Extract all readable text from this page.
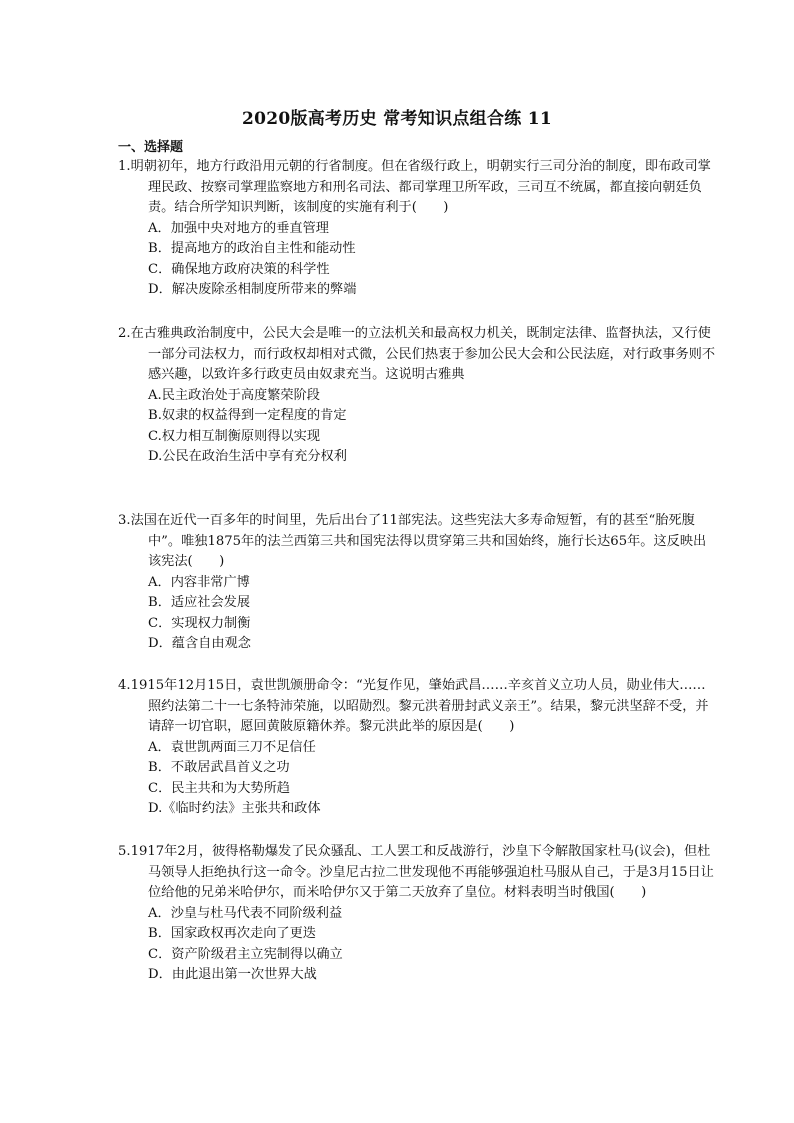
2020版高考历史 常考知识点组合练 11
一、选择题

1.明朝初年，地方行政沿用元朝的行省制度。但在省级行政上，明朝实行三司分治的制度，即布政司掌理民政、按察司掌理监察地方和刑名司法、都司掌理卫所军政，三司互不统属，都直接向朝廷负责。结合所学知识判断，该制度的实施有利于(　　)

A．加强中央对地方的垂直管理

B．提高地方的政治自主性和能动性

C．确保地方政府决策的科学性

D．解决废除丞相制度所带来的弊端

2.在古雅典政治制度中，公民大会是唯一的立法机关和最高权力机关，既制定法律、监督执法，又行使一部分司法权力，而行政权却相对式微，公民们热衷于参加公民大会和公民法庭，对行政事务则不感兴趣，以致许多行政吏员由奴隶充当。这说明古雅典

A.民主政治处于高度繁荣阶段

B.奴隶的权益得到一定程度的肯定

C.权力相互制衡原则得以实现

D.公民在政治生活中享有充分权利

3.法国在近代一百多年的时间里，先后出台了11部宪法。这些宪法大多寿命短暂，有的甚至“胎死腹中”。唯独1875年的法兰西第三共和国宪法得以贯穿第三共和国始终，施行长达65年。这反映出该宪法(　　)

A．内容非常广博

B．适应社会发展

C．实现权力制衡

D．蕴含自由观念

4.1915年12月15日，袁世凯颁册命令：“光复作见，肇始武昌……辛亥首义立功人员，勋业伟大……照约法第二十一七条特沛荣施，以昭勋烈。黎元洪着册封武义亲王”。结果，黎元洪坚辞不受，并请辞一切官职，愿回黄陂原籍休养。黎元洪此举的原因是(　　)

A．袁世凯两面三刀不足信任

B．不敢居武昌首义之功

C．民主共和为大势所趋

D.《临时约法》主张共和政体

5.1917年2月，彼得格勒爆发了民众骚乱、工人罢工和反战游行，沙皇下令解散国家杜马(议会)，但杜马领导人拒绝执行这一命令。沙皇尼古拉二世发现他不再能够强迫杜马服从自己，于是3月15日让位给他的兄弟米哈伊尔，而米哈伊尔又于第二天放弃了皇位。材料表明当时俄国(　　)

A．沙皇与杜马代表不同阶级利益

B．国家政权再次走向了更迭

C．资产阶级君主立宪制得以确立

D．由此退出第一次世界大战
